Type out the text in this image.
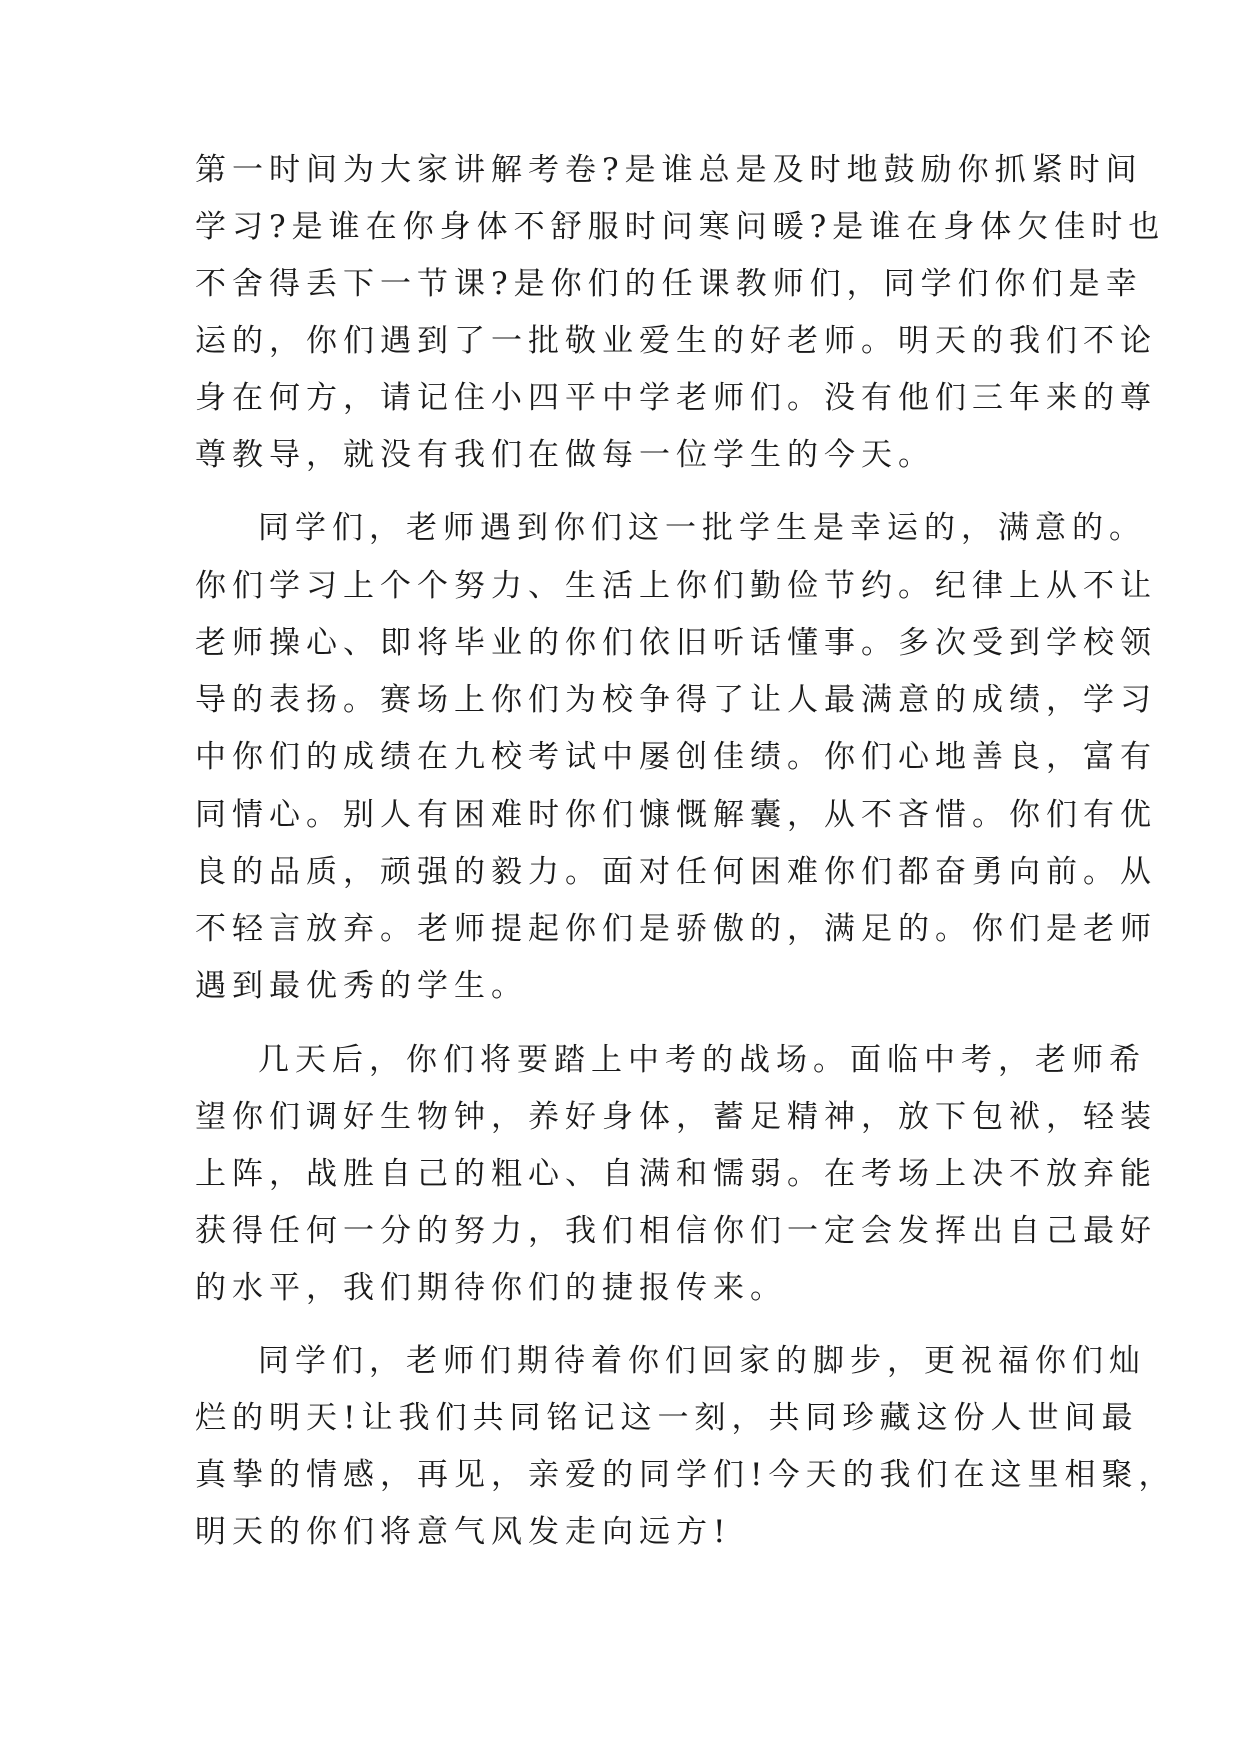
第一时间为大家讲解考卷?是谁总是及时地鼓励你抓紧时间

学习?是谁在你身体不舒服时问寒问暖?是谁在身体欠佳时也

不舍得丢下一节课?是你们的任课教师们，同学们你们是幸

运的，你们遇到了一批敬业爱生的好老师。明天的我们不论

身在何方，请记住小四平中学老师们。没有他们三年来的尊

尊教导，就没有我们在做每一位学生的今天。

同学们，老师遇到你们这一批学生是幸运的，满意的。

你们学习上个个努力、生活上你们勤俭节约。纪律上从不让

老师操心、即将毕业的你们依旧听话懂事。多次受到学校领

导的表扬。赛场上你们为校争得了让人最满意的成绩，学习

中你们的成绩在九校考试中屡创佳绩。你们心地善良，富有

同情心。别人有困难时你们慷慨解囊，从不吝惜。你们有优

良的品质，顽强的毅力。面对任何困难你们都奋勇向前。从

不轻言放弃。老师提起你们是骄傲的，满足的。你们是老师

遇到最优秀的学生。

几天后，你们将要踏上中考的战场。面临中考，老师希

望你们调好生物钟，养好身体，蓄足精神，放下包袱，轻装

上阵，战胜自己的粗心、自满和懦弱。在考场上决不放弃能

获得任何一分的努力，我们相信你们一定会发挥出自己最好

的水平，我们期待你们的捷报传来。

同学们，老师们期待着你们回家的脚步，更祝福你们灿

烂的明天!让我们共同铭记这一刻，共同珍藏这份人世间最

真挚的情感，再见，亲爱的同学们!今天的我们在这里相聚，

明天的你们将意气风发走向远方!
